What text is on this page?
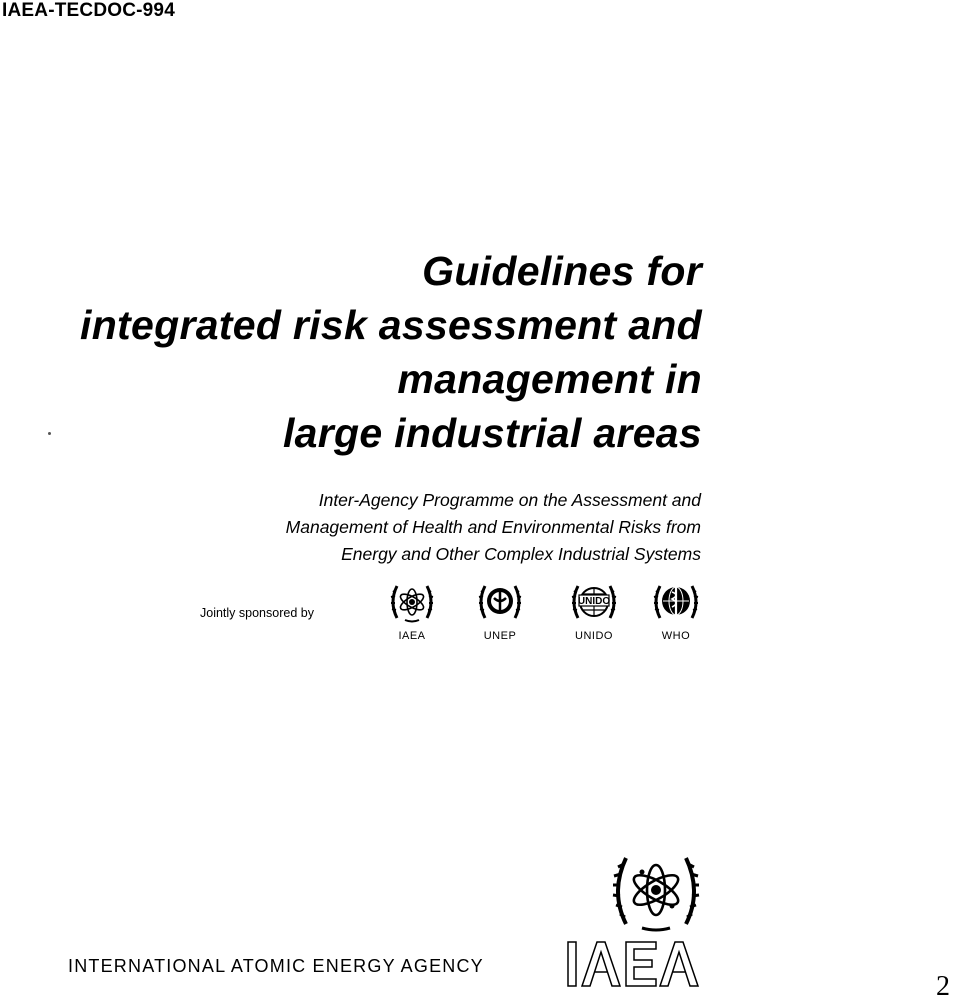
IAEA-TECDOC-994
Guidelines for
integrated risk assessment and
management in
large industrial areas
Inter-Agency Programme on the Assessment and
Management of Health and Environmental Risks from
Energy and Other Complex Industrial Systems
Jointly sponsored by
IAEA	UNEP
UNIDO
UNIDO	WHO
INTERNATIONAL ATOMIC ENERGY AGENCY
2
